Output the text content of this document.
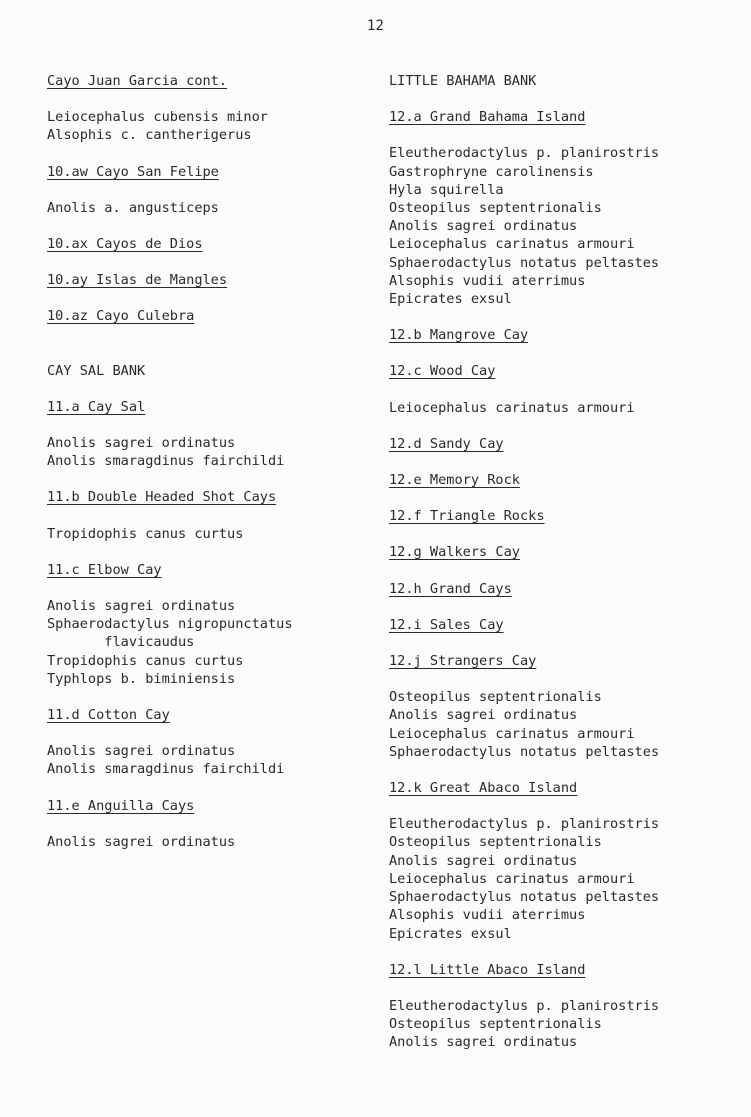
12
Cayo Juan Garcia cont.
Leiocephalus cubensis minor
Alsophis c. cantherigerus
10.aw Cayo San Felipe
Anolis a. angusticeps
10.ax Cayos de Dios
10.ay Islas de Mangles
10.az Cayo Culebra
CAY SAL BANK
11.a Cay Sal
Anolis sagrei ordinatus
Anolis smaragdinus fairchildi
11.b Double Headed Shot Cays
Tropidophis canus curtus
11.c Elbow Cay
Anolis sagrei ordinatus
Sphaerodactylus nigropunctatus
flavicaudus
Tropidophis canus curtus
Typhlops b. biminiensis
11.d Cotton Cay
Anolis sagrei ordinatus
Anolis smaragdinus fairchildi
11.e Anguilla Cays
Anolis sagrei ordinatus
LITTLE BAHAMA BANK
12.a Grand Bahama Island
Eleutherodactylus p. planirostris
Gastrophryne carolinensis
Hyla squirella
Osteopilus septentrionalis
Anolis sagrei ordinatus
Leiocephalus carinatus armouri
Sphaerodactylus notatus peltastes
Alsophis vudii aterrimus
Epicrates exsul
12.b Mangrove Cay
12.c Wood Cay
Leiocephalus carinatus armouri
12.d Sandy Cay
12.e Memory Rock
12.f Triangle Rocks
12.g Walkers Cay
12.h Grand Cays
12.i Sales Cay
12.j Strangers Cay
Osteopilus septentrionalis
Anolis sagrei ordinatus
Leiocephalus carinatus armouri
Sphaerodactylus notatus peltastes
12.k Great Abaco Island
Eleutherodactylus p. planirostris
Osteopilus septentrionalis
Anolis sagrei ordinatus
Leiocephalus carinatus armouri
Sphaerodactylus notatus peltastes
Alsophis vudii aterrimus
Epicrates exsul
12.l Little Abaco Island
Eleutherodactylus p. planirostris
Osteopilus septentrionalis
Anolis sagrei ordinatus
